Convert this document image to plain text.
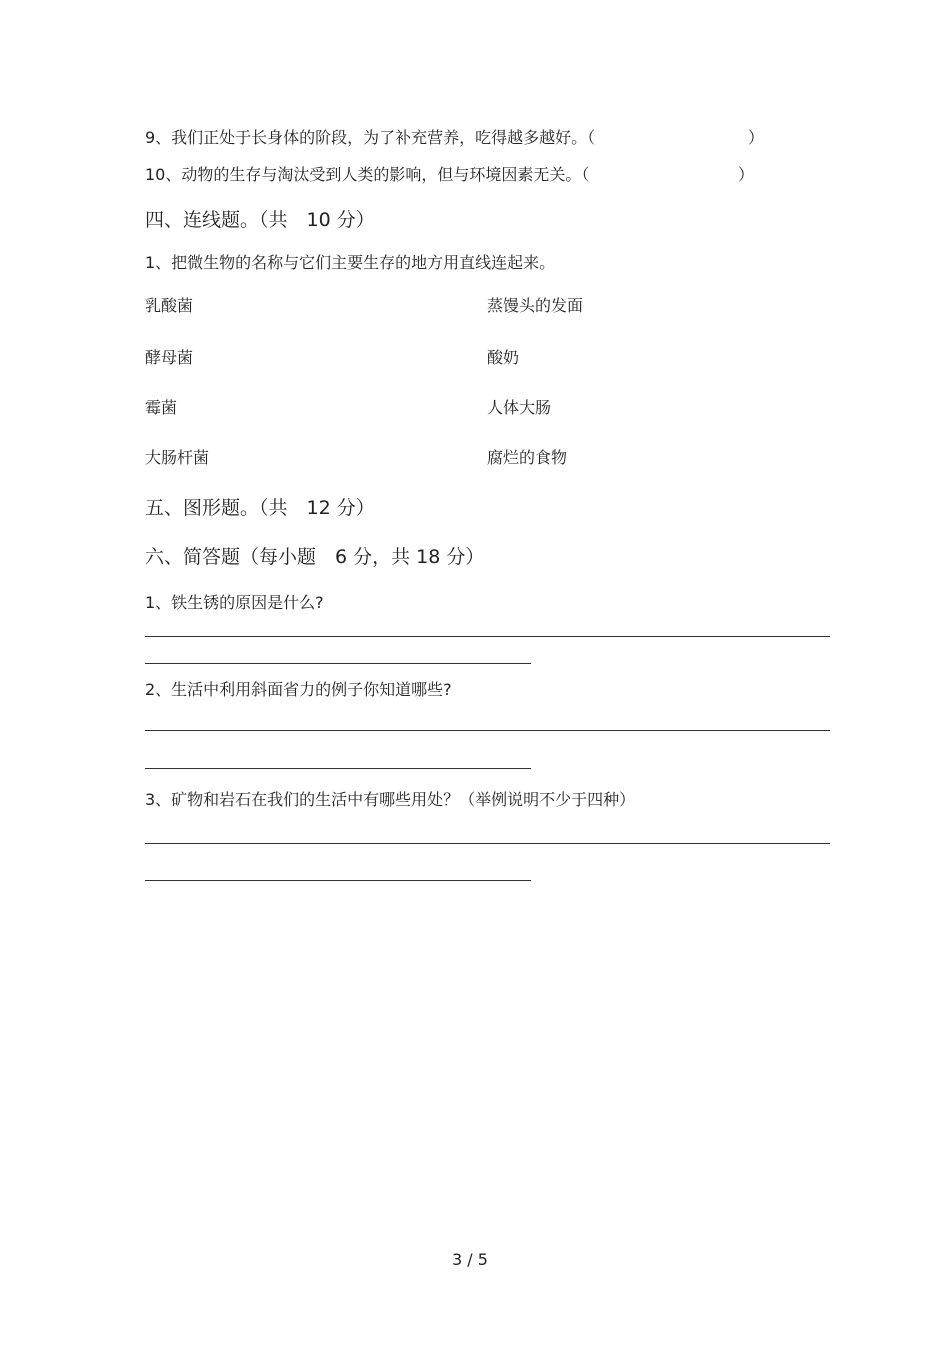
9、我们正处于长身体的阶段，为了补充营养，吃得越多越好。（	）
10、动物的生存与淘汰受到人类的影响，但与环境因素无关。（	）
四、连线题。（共　10 分）
1、把微生物的名称与它们主要生存的地方用直线连起来。
乳酸菌	蒸馒头的发面
酵母菌	酸奶
霉菌	人体大肠
大肠杆菌	腐烂的食物
五、图形题。（共　12 分）
六、简答题（每小题　6 分，共 18 分）
1、铁生锈的原因是什么?
2、生活中利用斜面省力的例子你知道哪些?
3、矿物和岩石在我们的生活中有哪些用处？（举例说明不少于四种）
3 / 5
